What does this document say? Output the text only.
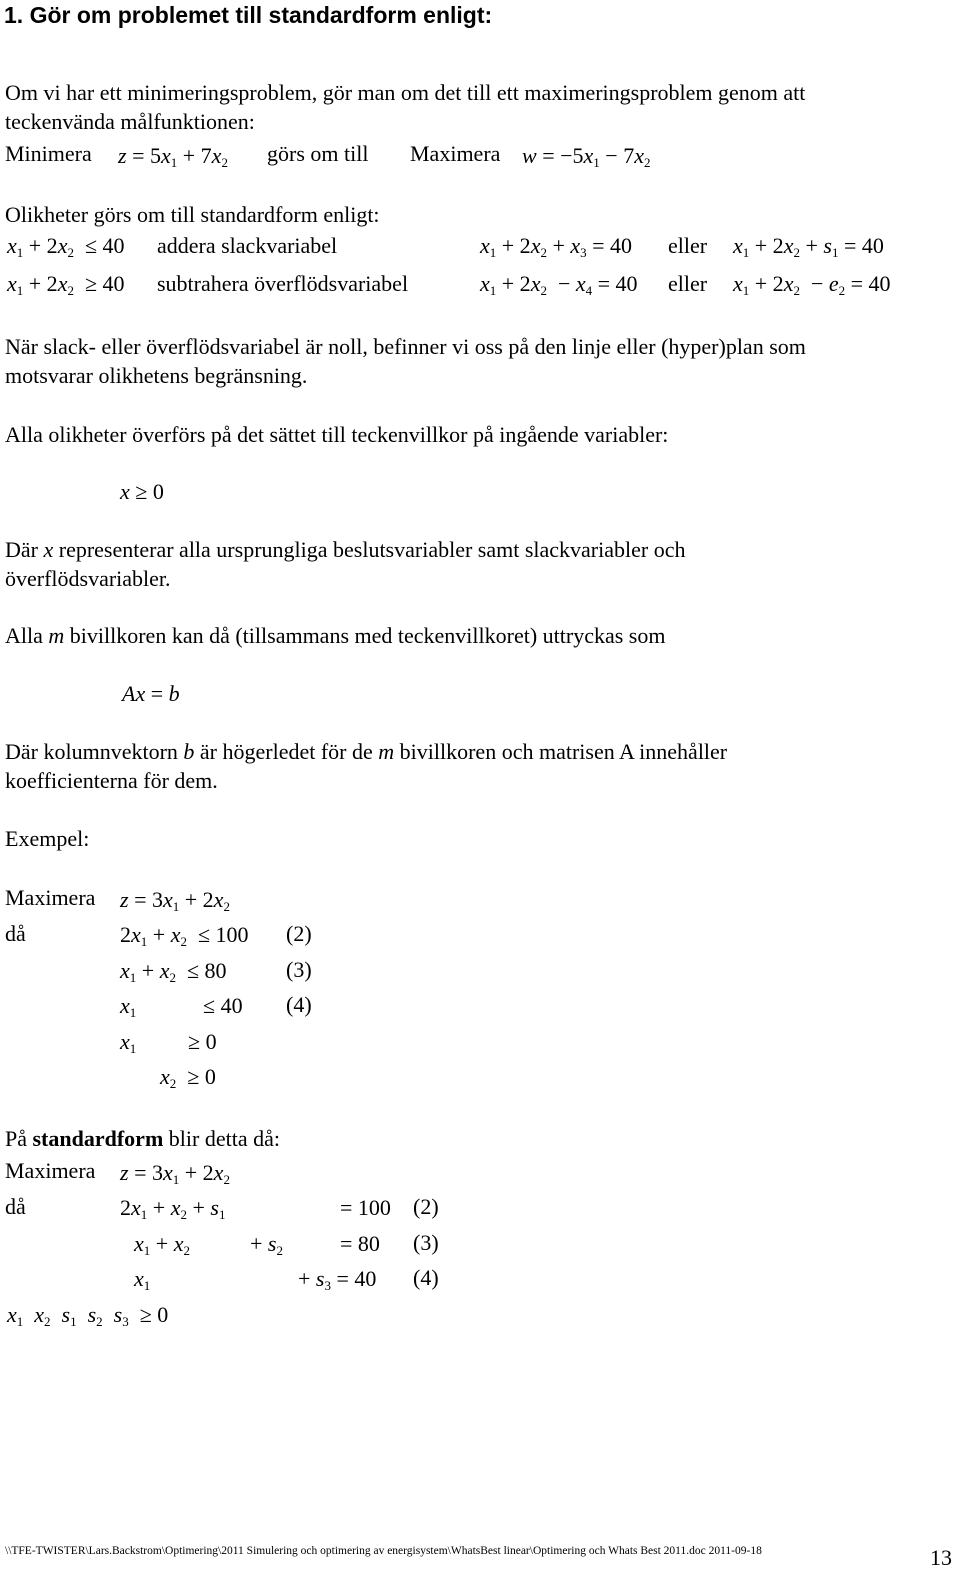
1. Gör om problemet till standardform enligt:
Om vi har ett minimeringsproblem, gör man om det till ett maximeringsproblem genom att
teckenvända målfunktionen:
Minimera $z = 5x_1 + 7x_2$ görs om till Maximera $w = -5x_1 - 7x_2$
Olikheter görs om till standardform enligt:
$x_1 + 2x_2 \le 40$ addera slackvariabel	$x_1 + 2x_2 + x_3 = 40$ eller $x_1 + 2x_2 + s_1 = 40$
$x_1 + 2x_2 \ge 40$ subtrahera överflödsvariabel	$x_1 + 2x_2 - x_4 = 40$ eller $x_1 + 2x_2 - e_2 = 40$
När slack- eller överflödsvariabel är noll, befinner vi oss på den linje eller (hyper)plan som
motsvarar olikhetens begränsning.
Alla olikheter överförs på det sättet till teckenvillkor på ingående variabler:
x ≥ 0
Där x representerar alla ursprungliga beslutsvariabler samt slackvariabler och
överflödsvariabler.
Alla m bivillkoren kan då (tillsammans med teckenvillkoret) uttryckas som
Ax = b
Där kolumnvektorn b är högerledet för de m bivillkoren och matrisen A innehåller
koefficienterna för dem.
Exempel:
Maximera $z = 3x_1 + 2x_2$
då	$2x_1 + x_2 \le 100$ (2)
$x_1 + x_2 \le 80$	(3)
$x_1$	≤ 40 (4)
$x_1 \ge 0$
$x_2 \ge 0$
På standardform blir detta då:
Maximera $z = 3x_1 + 2x_2$
då	$2x_1 + x_2 + s_1$	= 100 (2)
$x_1 + x_2$	+ $s_2$	= 80 (3)
$x_1$	+ $s_3 = 40$ (4)
$x_1$ $x_2$ $s_1$ $s_2$ $s_3 \ge 0$
\\TFE-TWISTER\Lars.Backstrom\Optimering\2011 Simulering och optimering av energisystem\WhatsBest linear\Optimering och Whats Best 2011.doc 2011-09-18	13
